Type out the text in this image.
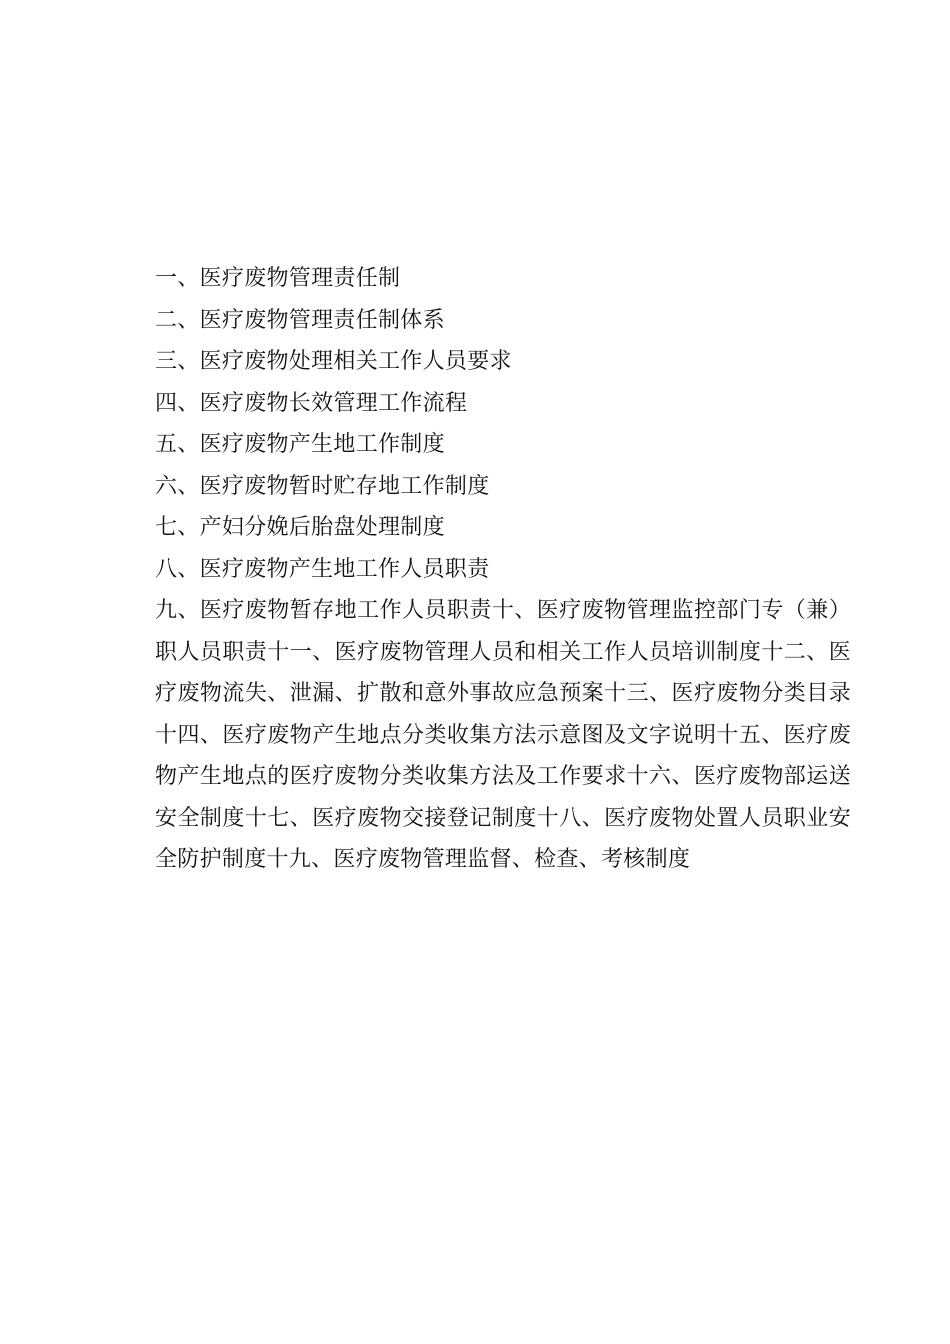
一、医疗废物管理责任制
二、医疗废物管理责任制体系
三、医疗废物处理相关工作人员要求
四、医疗废物长效管理工作流程
五、医疗废物产生地工作制度
六、医疗废物暂时贮存地工作制度
七、产妇分娩后胎盘处理制度
八、医疗废物产生地工作人员职责
九、医疗废物暂存地工作人员职责十、医疗废物管理监控部门专（兼）职人员职责十一、医疗废物管理人员和相关工作人员培训制度十二、医疗废物流失、泄漏、扩散和意外事故应急预案十三、医疗废物分类目录十四、医疗废物产生地点分类收集方法示意图及文字说明十五、医疗废物产生地点的医疗废物分类收集方法及工作要求十六、医疗废物部运送安全制度十七、医疗废物交接登记制度十八、医疗废物处置人员职业安全防护制度十九、医疗废物管理监督、检查、考核制度
